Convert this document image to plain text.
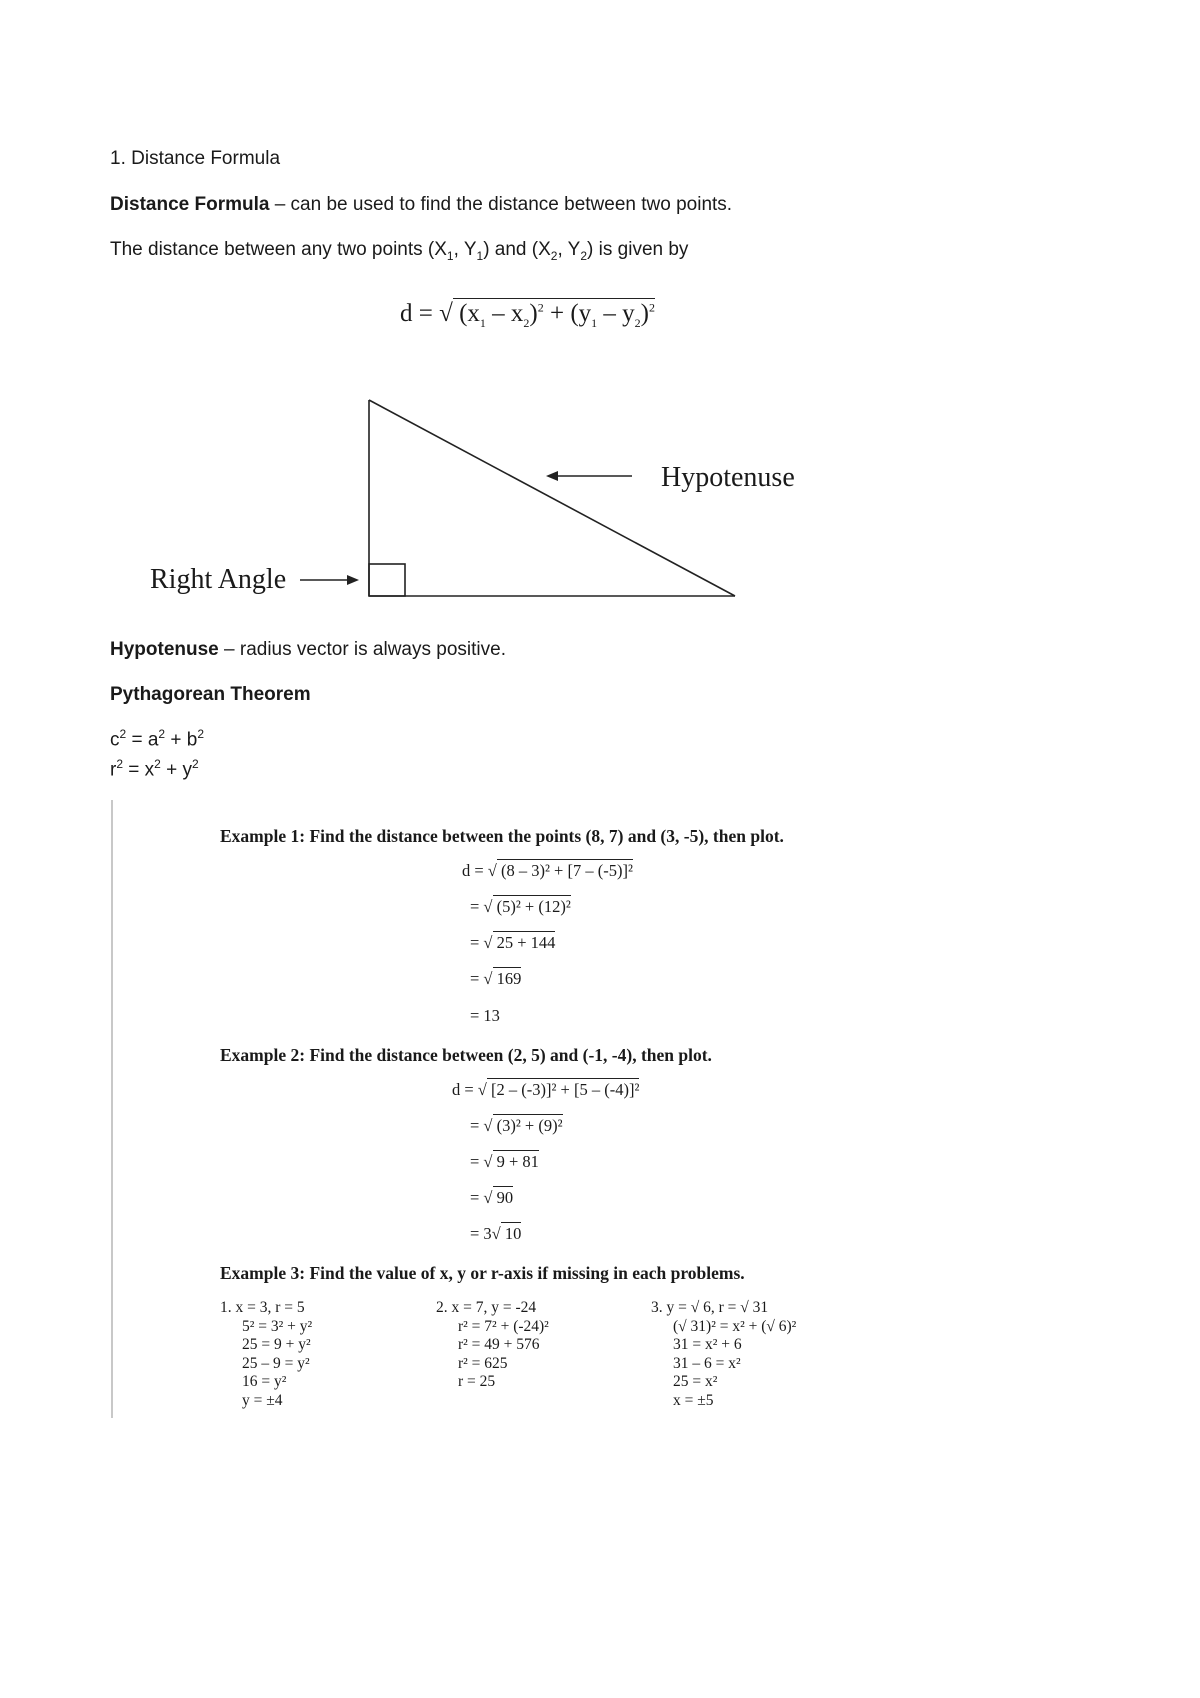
1. Distance Formula
Distance Formula – can be used to find the distance between two points.
The distance between any two points ($X_1$, $Y_1$) and ($X_2$, $Y_2$) is given by
d = √ $(x_1 - x_2)^2 + (y_1 - y_2)^2$
Hypotenuse
Right Angle
Hypotenuse – radius vector is always positive.
Pythagorean Theorem
$c^2 = a^2 + b^2$
$r^2 = x^2 + y^2$
Example 1: Find the distance between the points (8, 7) and (3, -5), then plot.
d = √ (8 – 3)² + [7 – (-5)]²
= √ (5)² + (12)²
= √ 25 + 144
= √ 169
= 13
Example 2: Find the distance between (2, 5) and (-1, -4), then plot.
d = √ [2 – (-3)]² + [5 – (-4)]²
= √ (3)² + (9)²
= √ 9 + 81
= √ 90
= 3√ 10
Example 3: Find the value of x, y or r-axis if missing in each problems.
1. x = 3, r = 5
5² = 3² + y²
25 = 9 + y²
25 – 9 = y²
16 = y²
y = ±4
2. x = 7, y = -24
r² = 7² + (-24)²
r² = 49 + 576
r² = 625
r = 25
3. y = √ 6, r = √ 31
(√ 31)² = x² + (√ 6)²
31 = x² + 6
31 – 6 = x²
25 = x²
x = ±5
